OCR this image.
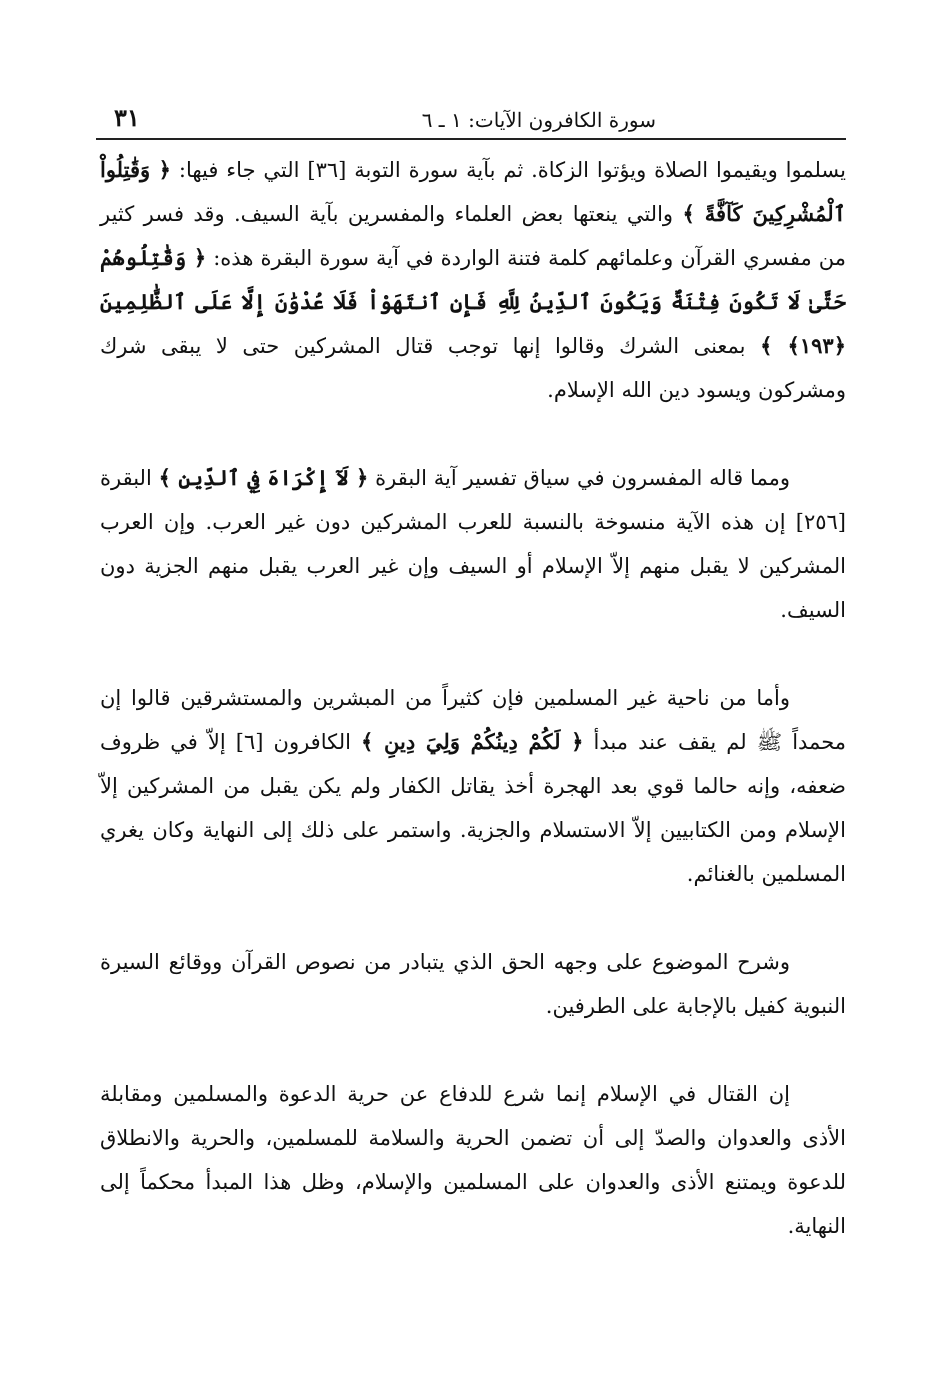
سورة الكافرون الآيات: ١ ـ ٦
٣١

يسلموا ويقيموا الصلاة ويؤتوا الزكاة. ثم بآية سورة التوبة [٣٦] التي جاء فيها: ﴿ وَقَٰتِلُواْ ٱلْمُشْرِكِينَ كَآفَّةً ﴾ والتي ينعتها بعض العلماء والمفسرين بآية السيف. وقد فسر كثير من مفسري القرآن وعلمائهم كلمة فتنة الواردة في آية سورة البقرة هذه: ﴿ وَقَٰتِلُوهُمْ حَتَّىٰ لَا تَكُونَ فِتْنَةٌ وَيَكُونَ ٱلدِّينُ لِلَّهِ فَإِنِ ٱنتَهَوْاْ فَلَا عُدْوَٰنَ إِلَّا عَلَى ٱلظَّٰلِمِينَ ﴿١٩٣﴾ ﴾ بمعنى الشرك وقالوا إنها توجب قتال المشركين حتى لا يبقى شرك ومشركون ويسود دين الله الإسلام.

ومما قاله المفسرون في سياق تفسير آية البقرة ﴿ لَآ إِكْرَاهَ فِي ٱلدِّينِ ﴾ البقرة [٢٥٦] إن هذه الآية منسوخة بالنسبة للعرب المشركين دون غير العرب. وإن العرب المشركين لا يقبل منهم إلاّ الإسلام أو السيف وإن غير العرب يقبل منهم الجزية دون السيف.

وأما من ناحية غير المسلمين فإن كثيراً من المبشرين والمستشرقين قالوا إن محمداً ﷺ لم يقف عند مبدأ ﴿ لَكُمْ دِينُكُمْ وَلِيَ دِينِ ﴾ الكافرون [٦] إلاّ في ظروف ضعفه، وإنه حالما قوي بعد الهجرة أخذ يقاتل الكفار ولم يكن يقبل من المشركين إلاّ الإسلام ومن الكتابيين إلاّ الاستسلام والجزية. واستمر على ذلك إلى النهاية وكان يغري المسلمين بالغنائم.

وشرح الموضوع على وجهه الحق الذي يتبادر من نصوص القرآن ووقائع السيرة النبوية كفيل بالإجابة على الطرفين.

إن القتال في الإسلام إنما شرع للدفاع عن حرية الدعوة والمسلمين ومقابلة الأذى والعدوان والصدّ إلى أن تضمن الحرية والسلامة للمسلمين، والحرية والانطلاق للدعوة ويمتنع الأذى والعدوان على المسلمين والإسلام، وظل هذا المبدأ محكماً إلى النهاية.
